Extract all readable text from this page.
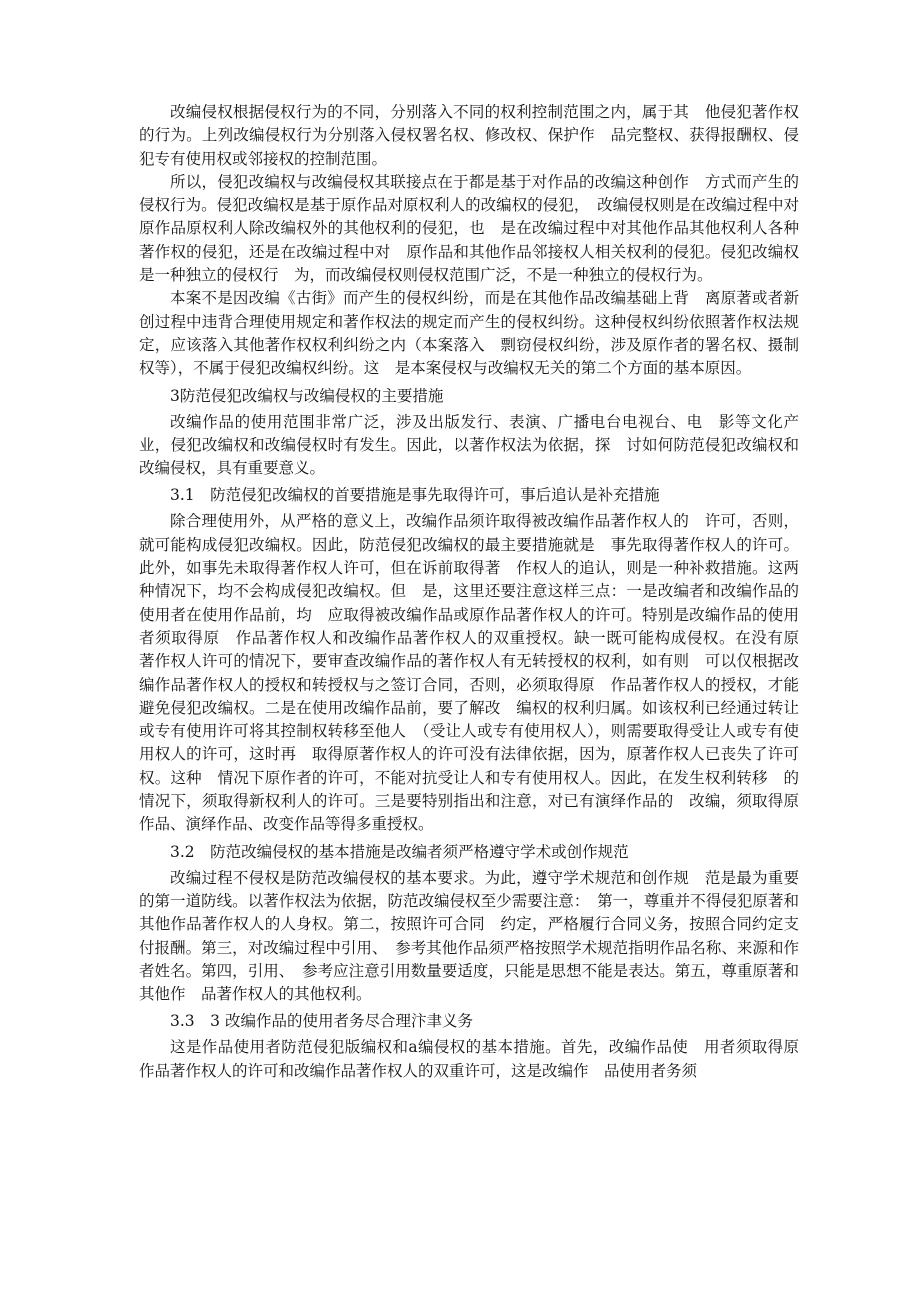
改编侵权根据侵权行为的不同，分别落入不同的权利控制范围之内，属于其　他侵犯著作权的行为。上列改编侵权行为分别落入侵权署名权、修改权、保护作　品完整权、获得报酬权、侵犯专有使用权或邻接权的控制范围。

所以，侵犯改编权与改编侵权其联接点在于都是基于对作品的改编这种创作　方式而产生的侵权行为。侵犯改编权是基于原作品对原权利人的改编权的侵犯，　改编侵权则是在改编过程中对原作品原权利人除改编权外的其他权利的侵犯，也　是在改编过程中对其他作品其他权利人各种著作权的侵犯，还是在改编过程中对　原作品和其他作品邻接权人相关权利的侵犯。侵犯改编权是一种独立的侵权行　为，而改编侵权则侵权范围广泛，不是一种独立的侵权行为。

本案不是因改编《古街》而产生的侵权纠纷，而是在其他作品改编基础上背　离原著或者新创过程中违背合理使用规定和著作权法的规定而产生的侵权纠纷。这种侵权纠纷依照著作权法规定，应该落入其他著作权权利纠纷之内（本案落入　剽窃侵权纠纷，涉及原作者的署名权、摄制权等），不属于侵犯改编权纠纷。这　是本案侵权与改编权无关的第二个方面的基本原因。

3防范侵犯改编权与改编侵权的主要措施

改编作品的使用范围非常广泛，涉及出版发行、表演、广播电台电视台、电　影等文化产业，侵犯改编权和改编侵权时有发生。因此，以著作权法为依据，探　讨如何防范侵犯改编权和改编侵权，具有重要意义。

3.1　防范侵犯改编权的首要措施是事先取得许可，事后追认是补充措施

除合理使用外，从严格的意义上，改编作品须许取得被改编作品著作权人的　许可，否则，就可能构成侵犯改编权。因此，防范侵犯改编权的最主要措施就是　事先取得著作权人的许可。此外，如事先未取得著作权人许可，但在诉前取得著　作权人的追认，则是一种补救措施。这两种情况下，均不会构成侵犯改编权。但　是，这里还要注意这样三点：一是改编者和改编作品的使用者在使用作品前，均　应取得被改编作品或原作品著作权人的许可。特别是改编作品的使用者须取得原　作品著作权人和改编作品著作权人的双重授权。缺一既可能构成侵权。在没有原　著作权人许可的情况下，要审查改编作品的著作权人有无转授权的权利，如有则　可以仅根据改编作品著作权人的授权和转授权与之签订合同，否则，必须取得原　作品著作权人的授权，才能避免侵犯改编权。二是在使用改编作品前，要了解改　编权的权利归属。如该权利已经通过转让或专有使用许可将其控制权转移至他人　（受让人或专有使用权人），则需要取得受让人或专有使用权人的许可，这时再　取得原著作权人的许可没有法律依据，因为，原著作权人已丧失了许可权。这种　情况下原作者的许可，不能对抗受让人和专有使用权人。因此，在发生权利转移　的情况下，须取得新权利人的许可。三是要特别指出和注意，对已有演绎作品的　改编，须取得原作品、演绎作品、改变作品等得多重授权。

3.2　防范改编侵权的基本措施是改编者须严格遵守学术或创作规范

改编过程不侵权是防范改编侵权的基本要求。为此，遵守学术规范和创作规　范是最为重要的第一道防线。以著作权法为依据，防范改编侵权至少需要注意：　第一，尊重并不得侵犯原著和其他作品著作权人的人身权。第二，按照许可合同　约定，严格履行合同义务，按照合同约定支付报酬。第三，对改编过程中引用、　参考其他作品须严格按照学术规范指明作品名称、来源和作者姓名。第四，引用、　参考应注意引用数量要适度，只能是思想不能是表达。第五，尊重原著和其他作　品著作权人的其他权利。

3.3　3 改编作品的使用者务尽合理汴聿义务

这是作品使用者防范侵犯版编权和a编侵权的基本措施。首先，改编作品使　用者须取得原作品著作权人的许可和改编作品著作权人的双重许可，这是改编作　品使用者务须
